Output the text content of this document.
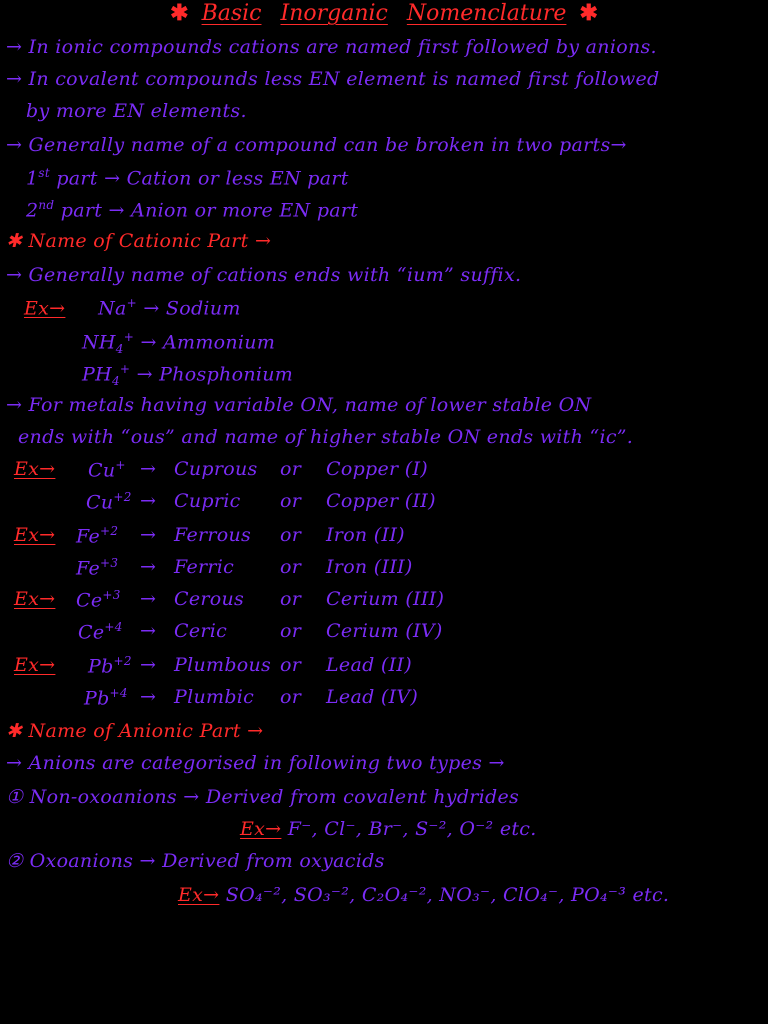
✱ Basic Inorganic Nomenclature ✱
→ In ionic compounds cations are named first followed by anions.
→ In covalent compounds less EN element is named first followed
by more EN elements.
→ Generally name of a compound can be broken in two parts→
1st part → Cation or less EN part
2nd part → Anion or more EN part
✱ Name of Cationic Part →
→ Generally name of cations ends with “ium” suffix.
Ex→ Na+ → Sodium
$NH_4^+$ → Ammonium
$PH_4^+$ → Phosphonium
→ For metals having variable ON, name of lower stable ON
ends with “ous” and name of higher stable ON ends with “ic”.
Ex→ Cu+ → Cuprous or Copper (I)
$Cu^{+2}$ → Cupric or Copper (II)
$Ex\to Fe^{+2}$ → Ferrous or Iron (II)
$Fe^{+3}$ → Ferric or Iron (III)
$Ex\to Ce^{+3}$ → Cerous or Cerium (III)
$Ce^{+4}$ → Ceric	or Cerium (IV)
$Ex\to Pb^{+2}$ → Plumbous or Lead (II)
$Pb^{+4}$ → Plumbic or Lead (IV)
✱ Name of Anionic Part →
→ Anions are categorised in following two types →
① Non-oxoanions → Derived from covalent hydrides
Ex→ F⁻, Cl⁻, Br⁻, S⁻², O⁻² etc.
② Oxoanions → Derived from oxyacids
Ex→ SO₄⁻², SO₃⁻², C₂O₄⁻², NO₃⁻, ClO₄⁻, PO₄⁻³ etc.
